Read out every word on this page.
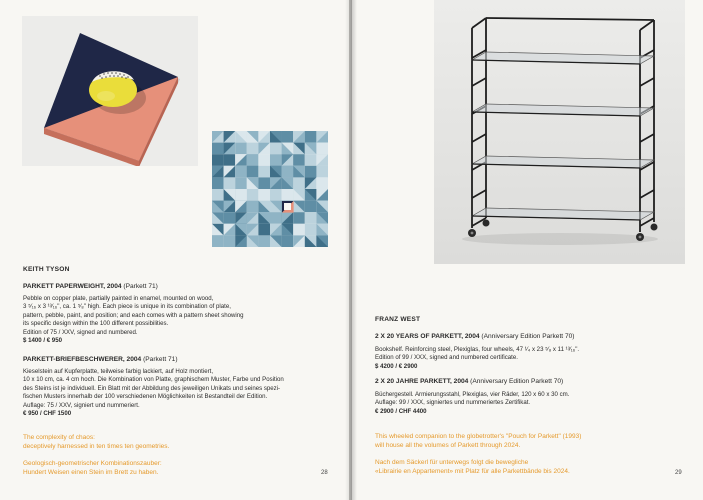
KEITH TYSON
PARKETT PAPERWEIGHT, 2004 (Parkett 71)
Pebble on copper plate, partially painted in enamel, mounted on wood,
3 ⁵⁄₁₆ x 3 ¹³⁄₁₆", ca. 1 ⁵⁄₈" high. Each piece is unique in its combination of plate,
pattern, pebble, paint, and position; and each comes with a pattern sheet showing
its specific design within the 100 different possibilities.
Edition of 75 / XXV, signed and numbered.
$ 1400 / € 950
PARKETT-BRIEFBESCHWERER, 2004 (Parkett 71)
Kieselstein auf Kupferplatte, teilweise farbig lackiert, auf Holz montiert,
10 x 10 cm, ca. 4 cm hoch. Die Kombination von Platte, graphischem Muster, Farbe und Position
des Steins ist je individuell. Ein Blatt mit der Abbildung des jeweiligen Unikats und seines spezi-
fischen Musters innerhalb der 100 verschiedenen Möglichkeiten ist Bestandteil der Edition.
Auflage: 75 / XXV, signiert und nummeriert.
€ 950 / CHF 1500
The complexity of chaos:
deceptively harnessed in ten times ten geometries.
Geologisch-geometrischer Kombinationszauber:
Hundert Weisen einen Stein im Brett zu haben.	28
FRANZ WEST
2 X 20 YEARS OF PARKETT, 2004 (Anniversary Edition Parkett 70)
Bookshelf. Reinforcing steel, Plexiglas, four wheels, 47 ¹⁄₄ x 23 ⁵⁄₈ x 11 ¹³⁄₁₆".
Edition of 99 / XXX, signed and numbered certificate.
$ 4200 / € 2900
2 X 20 JAHRE PARKETT, 2004 (Anniversary Edition Parkett 70)
Büchergestell. Armierungsstahl, Plexiglas, vier Räder, 120 x 60 x 30 cm.
Auflage: 99 / XXX, signiertes und nummeriertes Zertifikat.
€ 2900 / CHF 4400
This wheeled companion to the globetrotter's "Pouch for Parkett" (1993)
will house all the volumes of Parkett through 2024.
Nach dem Säckerl für unterwegs folgt die bewegliche
«Librairie en Appartement» mit Platz für alle Parkettbände bis 2024.	29
